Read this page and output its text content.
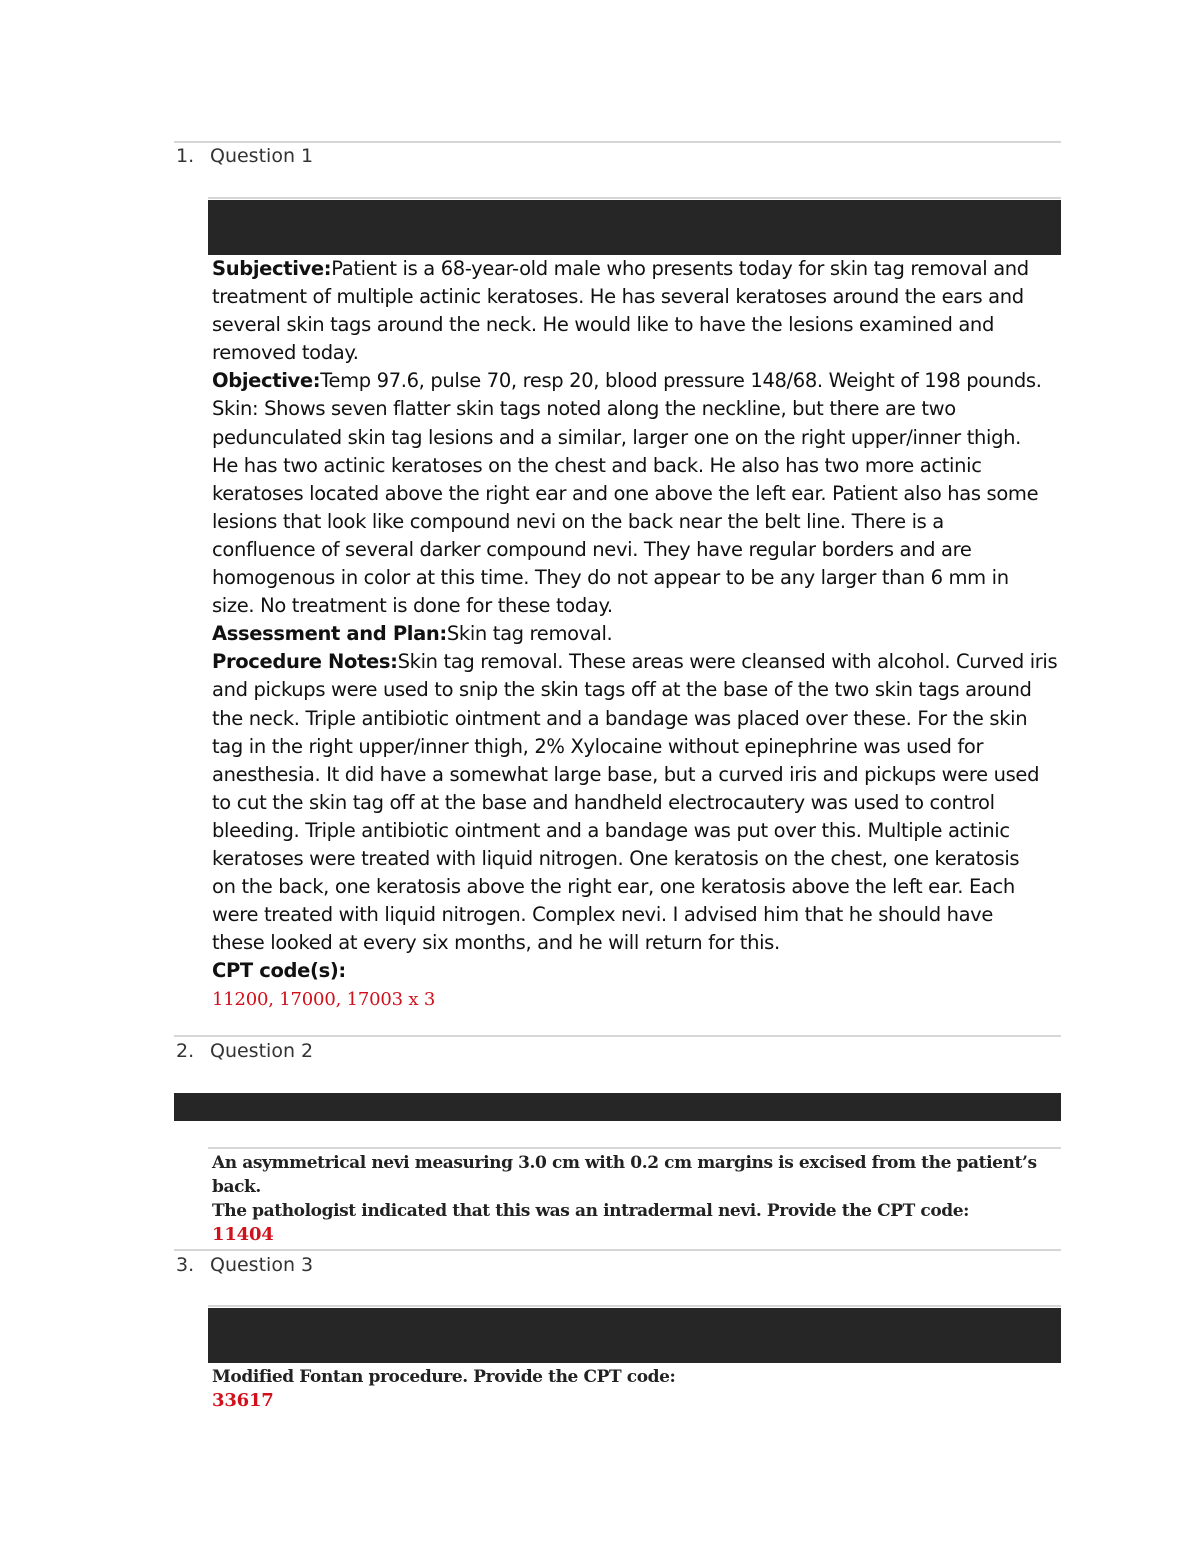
1. Question 1

Subjective:Patient is a 68-year-old male who presents today for skin tag removal and

treatment of multiple actinic keratoses. He has several keratoses around the ears and

several skin tags around the neck. He would like to have the lesions examined and

removed today.

Objective:Temp 97.6, pulse 70, resp 20, blood pressure 148/68. Weight of 198 pounds.

Skin: Shows seven flatter skin tags noted along the neckline, but there are two

pedunculated skin tag lesions and a similar, larger one on the right upper/inner thigh.

He has two actinic keratoses on the chest and back. He also has two more actinic

keratoses located above the right ear and one above the left ear. Patient also has some

lesions that look like compound nevi on the back near the belt line. There is a

confluence of several darker compound nevi. They have regular borders and are

homogenous in color at this time. They do not appear to be any larger than 6 mm in

size. No treatment is done for these today.

Assessment and Plan:Skin tag removal.

Procedure Notes:Skin tag removal. These areas were cleansed with alcohol. Curved iris

and pickups were used to snip the skin tags off at the base of the two skin tags around

the neck. Triple antibiotic ointment and a bandage was placed over these. For the skin

tag in the right upper/inner thigh, 2% Xylocaine without epinephrine was used for

anesthesia. It did have a somewhat large base, but a curved iris and pickups were used

to cut the skin tag off at the base and handheld electrocautery was used to control

bleeding. Triple antibiotic ointment and a bandage was put over this. Multiple actinic

keratoses were treated with liquid nitrogen. One keratosis on the chest, one keratosis

on the back, one keratosis above the right ear, one keratosis above the left ear. Each

were treated with liquid nitrogen. Complex nevi. I advised him that he should have

these looked at every six months, and he will return for this.

CPT code(s):

11200, 17000, 17003 x 3

2. Question 2
An asymmetrical nevi measuring 3.0 cm with 0.2 cm margins is excised from the patient’s back.
The pathologist indicated that this was an intradermal nevi. Provide the CPT code:
11404
3. Question 3
Modified Fontan procedure. Provide the CPT code:
33617
